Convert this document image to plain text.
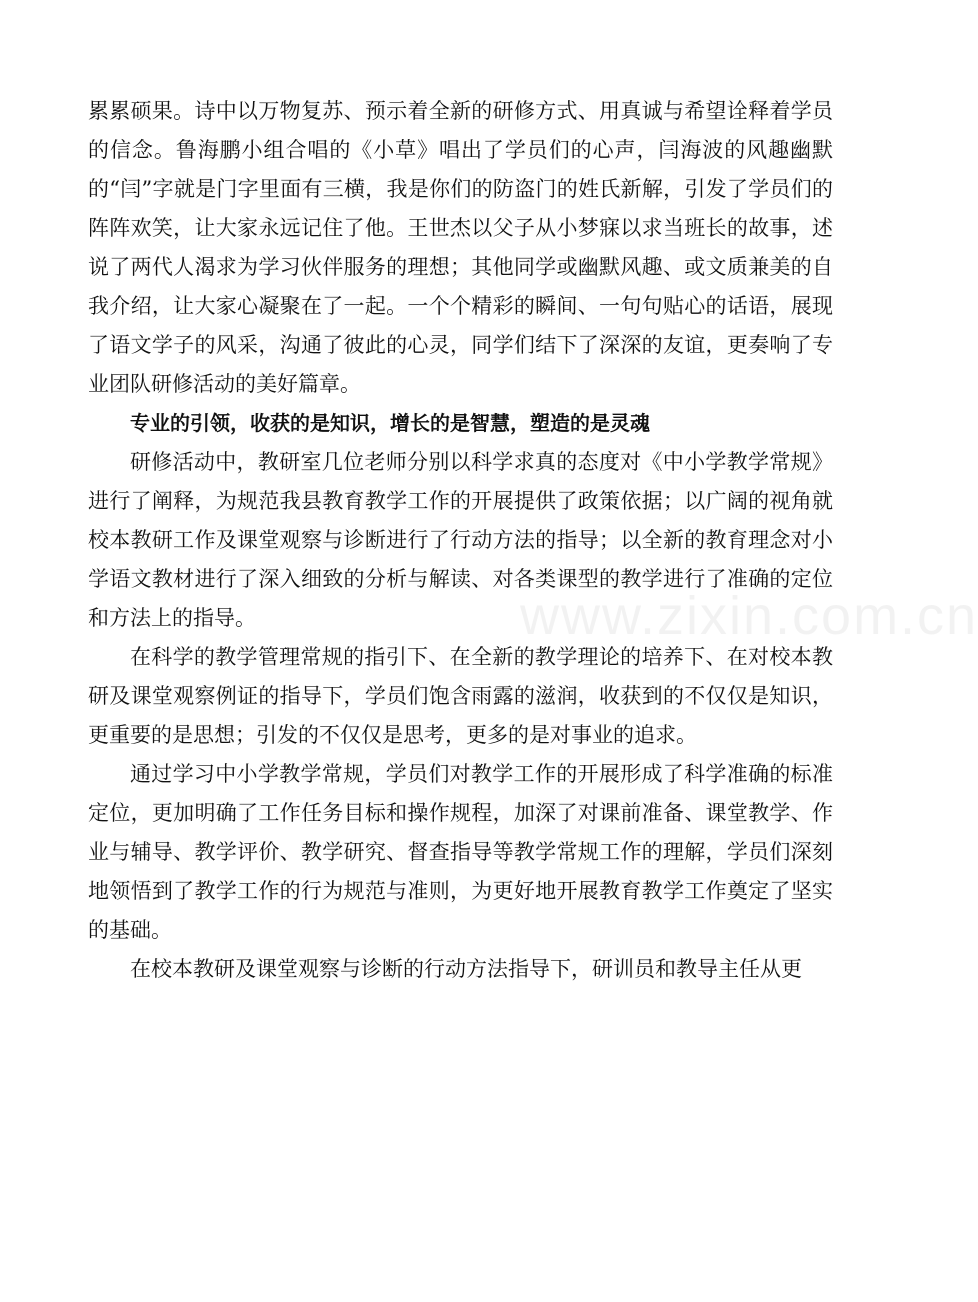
累累硕果。诗中以万物复苏、预示着全新的研修方式、用真诚与希望诠释着学员的信念。鲁海鹏小组合唱的《小草》唱出了学员们的心声，闫海波的风趣幽默的“闫”字就是门字里面有三横，我是你们的防盗门的姓氏新解，引发了学员们的阵阵欢笑，让大家永远记住了他。王世杰以父子从小梦寐以求当班长的故事，述说了两代人渴求为学习伙伴服务的理想；其他同学或幽默风趣、或文质兼美的自我介绍，让大家心凝聚在了一起。一个个精彩的瞬间、一句句贴心的话语，展现了语文学子的风采，沟通了彼此的心灵，同学们结下了深深的友谊，更奏响了专业团队研修活动的美好篇章。

专业的引领，收获的是知识，增长的是智慧，塑造的是灵魂

研修活动中，教研室几位老师分别以科学求真的态度对《中小学教学常规》进行了阐释，为规范我县教育教学工作的开展提供了政策依据；以广阔的视角就校本教研工作及课堂观察与诊断进行了行动方法的指导；以全新的教育理念对小学语文教材进行了深入细致的分析与解读、对各类课型的教学进行了准确的定位和方法上的指导。

在科学的教学管理常规的指引下、在全新的教学理论的培养下、在对校本教研及课堂观察例证的指导下，学员们饱含雨露的滋润，收获到的不仅仅是知识，更重要的是思想；引发的不仅仅是思考，更多的是对事业的追求。

通过学习中小学教学常规，学员们对教学工作的开展形成了科学准确的标准定位，更加明确了工作任务目标和操作规程，加深了对课前准备、课堂教学、作业与辅导、教学评价、教学研究、督查指导等教学常规工作的理解，学员们深刻地领悟到了教学工作的行为规范与准则，为更好地开展教育教学工作奠定了坚实的基础。

在校本教研及课堂观察与诊断的行动方法指导下，研训员和教导主任从更

www.zixin.com.cn
